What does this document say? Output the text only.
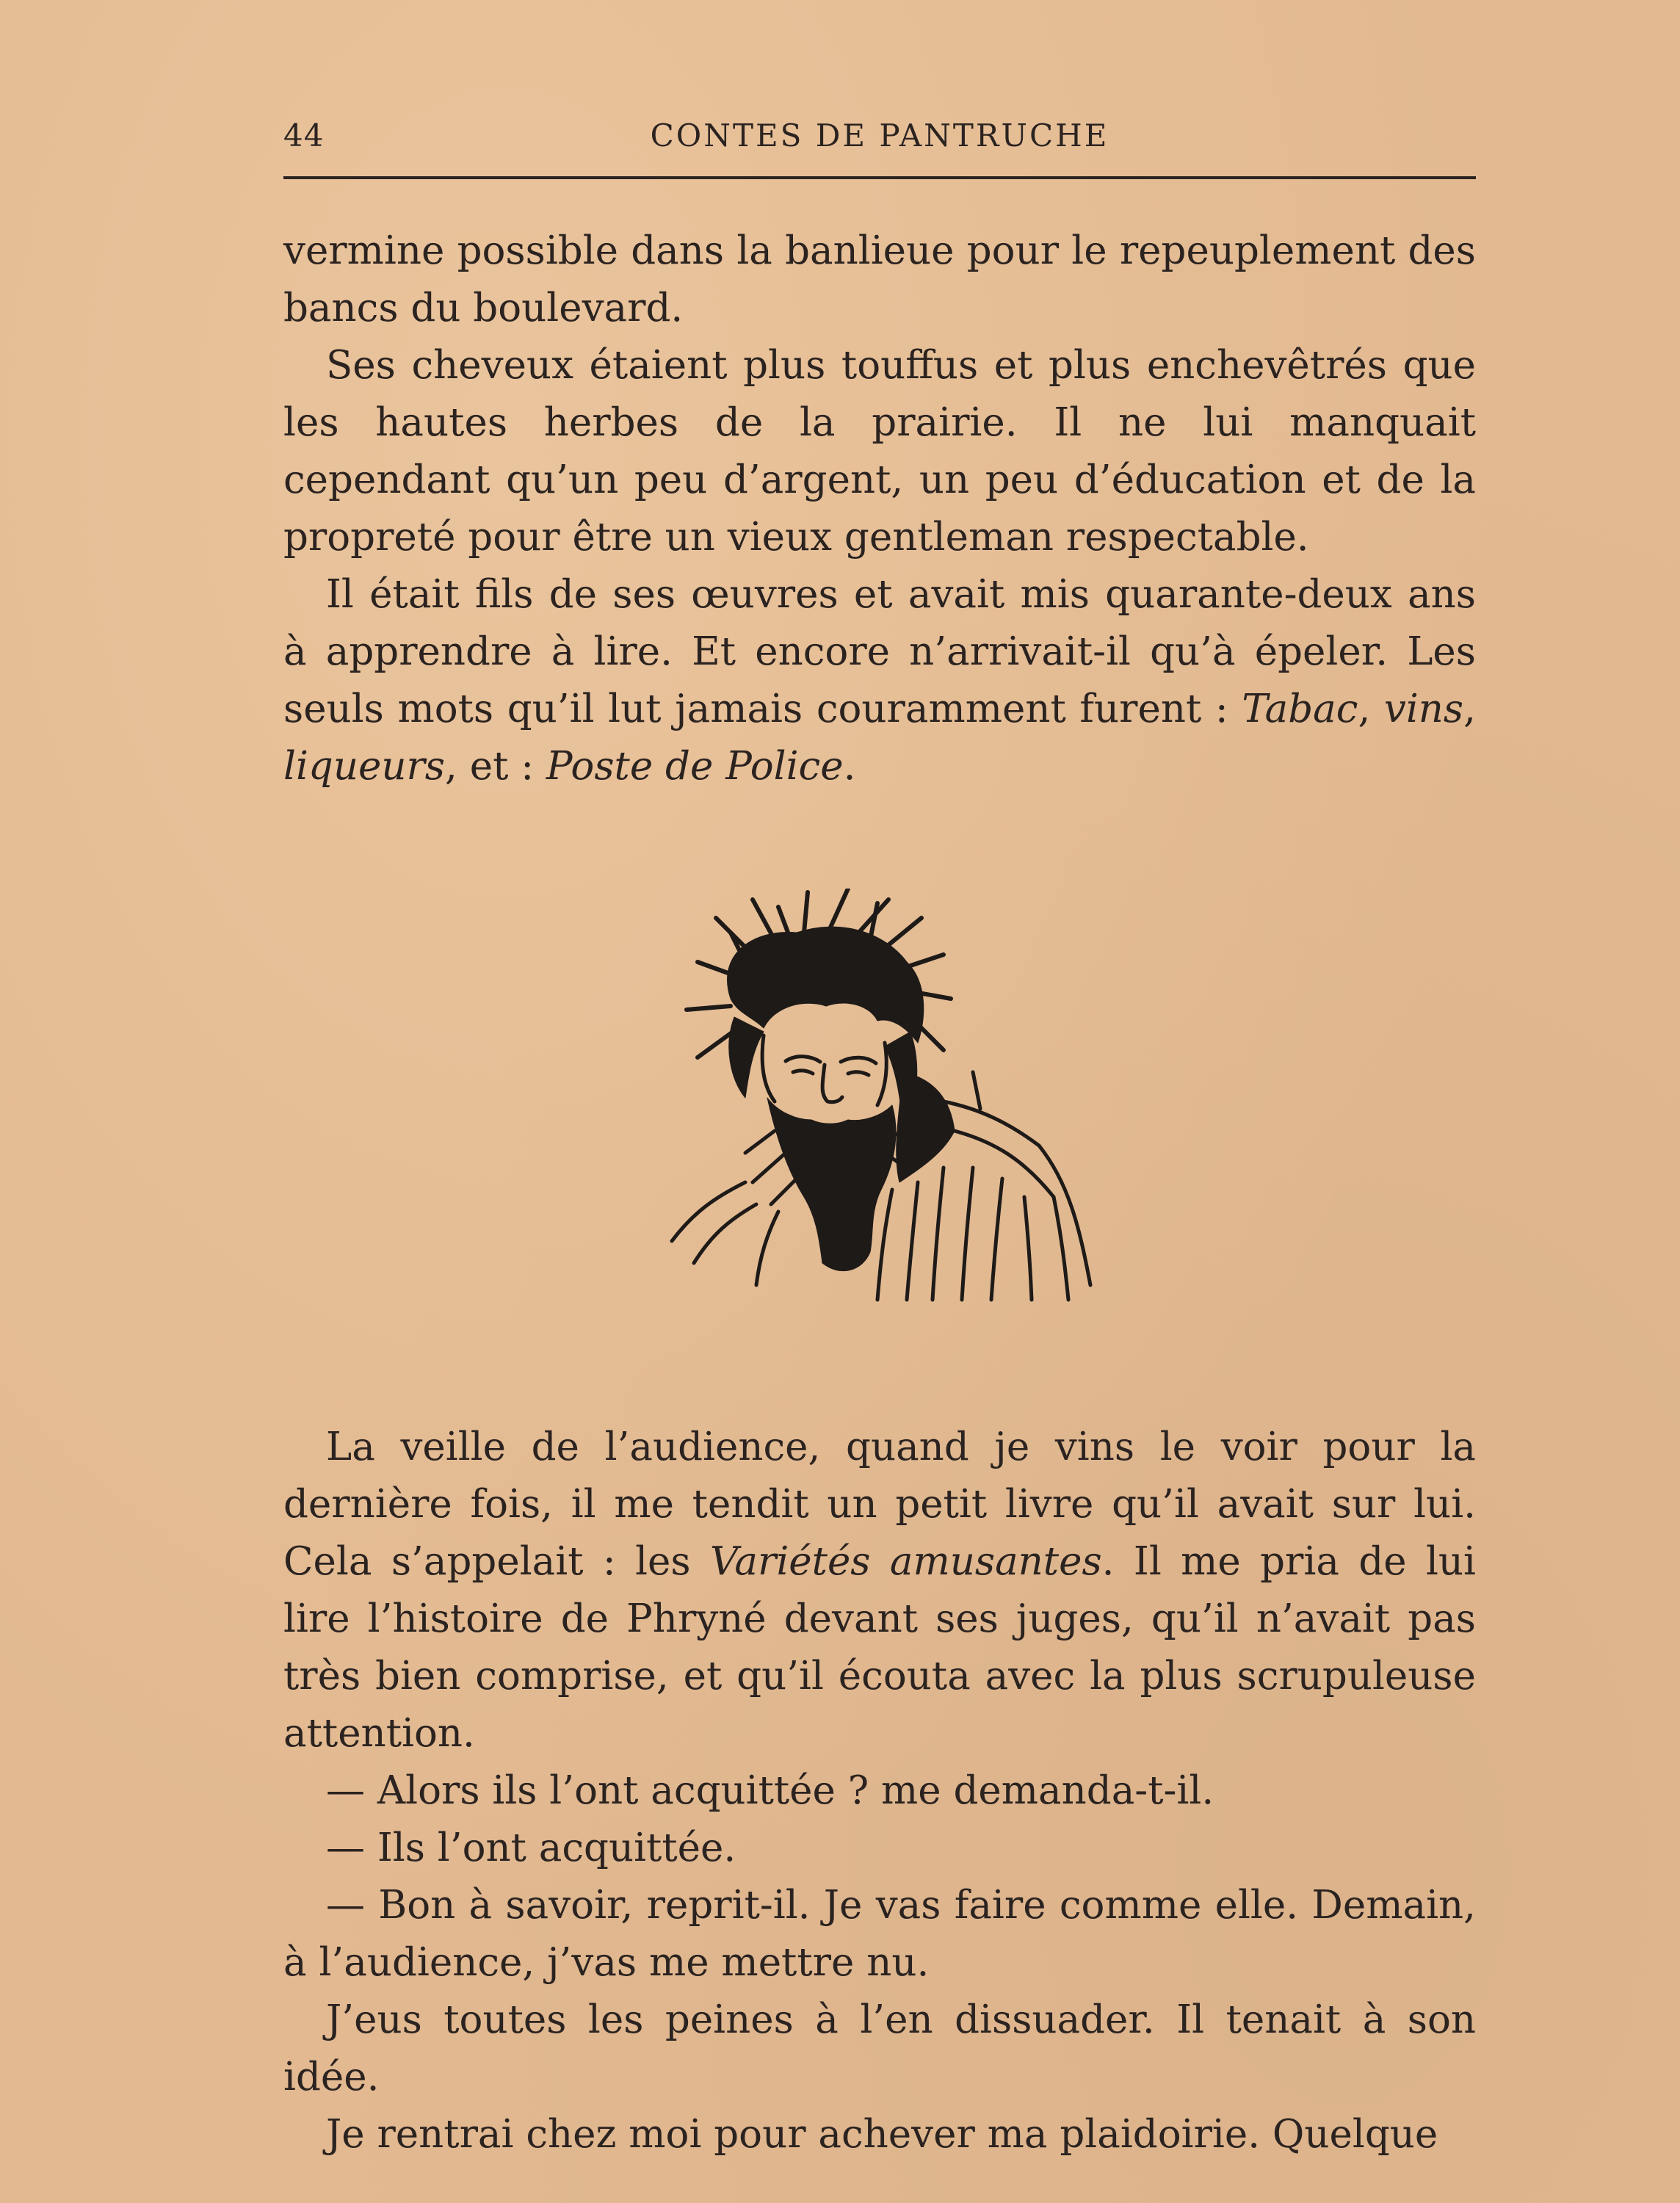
44	CONTES DE PANTRUCHE

vermine possible dans la banlieue pour le repeuplement des bancs du boulevard.

Ses cheveux étaient plus touffus et plus enchevêtrés que les hautes herbes de la prairie. Il ne lui manquait cependant qu’un peu d’argent, un peu d’éducation et de la propreté pour être un vieux gentleman respectable.

Il était fils de ses œuvres et avait mis quarante-deux ans à apprendre à lire. Et encore n’arrivait-il qu’à épeler. Les seuls mots qu’il lut jamais couramment furent : Tabac, vins, liqueurs, et : Poste de Police.

La veille de l’audience, quand je vins le voir pour la dernière fois, il me tendit un petit livre qu’il avait sur lui. Cela s’appelait : les Variétés amusantes. Il me pria de lui lire l’histoire de Phryné devant ses juges, qu’il n’avait pas très bien comprise, et qu’il écouta avec la plus scrupuleuse attention.

— Alors ils l’ont acquittée ? me demanda-t-il.

— Ils l’ont acquittée.

— Bon à savoir, reprit-il. Je vas faire comme elle. Demain, à l’audience, j’vas me mettre nu.

J’eus toutes les peines à l’en dissuader. Il tenait à son idée.

Je rentrai chez moi pour achever ma plaidoirie. Quelque
